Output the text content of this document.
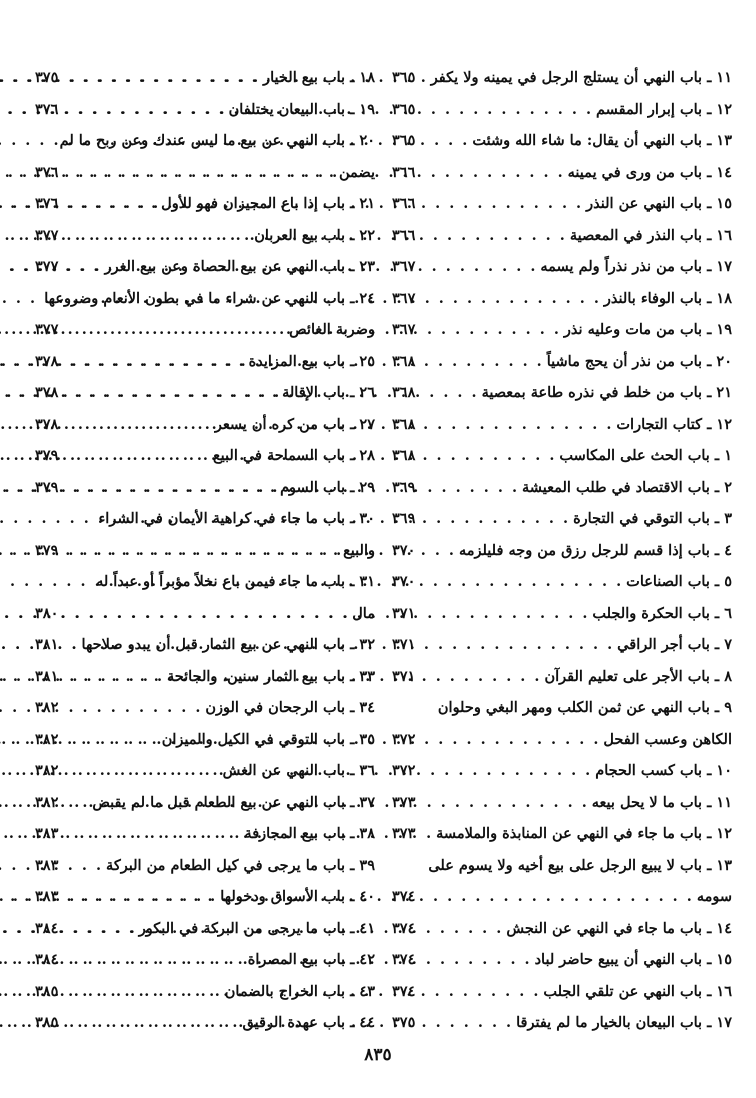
١١ ـ باب النهي أن يستلج الرجل في يمينه ولا يكفر
. . .
٣٦٥
١٢ ـ باب إبرار المقسم
. . .
٣٦٥
١٣ ـ باب النهي أن يقال: ما شاء الله وشئت
. . .
٣٦٥
١٤ ـ باب من ورى في يمينه
. . .
٣٦٦
١٥ ـ باب النهي عن النذر
. . .
٣٦٦
١٦ ـ باب النذر في المعصية
. . .
٣٦٦
١٧ ـ باب من نذر نذراً ولم يسمه
. . .
٣٦٧
١٨ ـ باب الوفاء بالنذر
. . .
٣٦٧
١٩ ـ باب من مات وعليه نذر
. . .
٣٦٧
٢٠ ـ باب من نذر أن يحج ماشياً
. . .
٣٦٨
٢١ ـ باب من خلط في نذره طاعة بمعصية
. . .
٣٦٨
١٢ ـ كتاب التجارات
. . .
٣٦٨
١ ـ باب الحث على المكاسب
. . .
٣٦٨
٢ ـ باب الاقتصاد في طلب المعيشة
. . .
٣٦٩
٣ ـ باب التوقي في التجارة
. . .
٣٦٩
٤ ـ باب إذا قسم للرجل رزق من وجه فليلزمه
. . .
٣٧٠
٥ ـ باب الصناعات
. . .
٣٧٠
٦ ـ باب الحكرة والجلب
. . .
٣٧١
٧ ـ باب أجر الراقي
. . .
٣٧١
٨ ـ باب الأجر على تعليم القرآن
. . .
٣٧١
٩ ـ باب النهي عن ثمن الكلب ومهر البغي وحلوان
الكاهن وعسب الفحل
. . .
٣٧٢
١٠ ـ باب كسب الحجام
. . .
٣٧٢
١١ ـ باب ما لا يحل بيعه
. . .
٣٧٣
١٢ ـ باب ما جاء في النهي عن المنابذة والملامسة
. . .
٣٧٣
١٣ ـ باب لا يبيع الرجل على بيع أخيه ولا يسوم على
سومه
. . .
٣٧٤
١٤ ـ باب ما جاء في النهي عن النجش
. . .
٣٧٤
١٥ ـ باب النهي أن يبيع حاضر لباد
. . .
٣٧٤
١٦ ـ باب النهي عن تلقي الجلب
. . .
٣٧٤
١٧ ـ باب البيعان بالخيار ما لم يفترقا
. . .
٣٧٥
١٨ ـ باب بيع الخيار
. . .
٣٧٥
١٩ ـ باب البيعان يختلفان
. . .
٣٧٦
٢٠ ـ باب النهي عن بيع ما ليس عندك وعن ربح ما لم
يضمن
. . .
٣٧٦
٢١ ـ باب إذا باع المجيزان فهو للأول
. . .
٣٧٦
٢٢ ـ باب بيع العربان
. . .
٣٧٧
٢٣ ـ باب النهي عن بيع الحصاة وعن بيع الغرر
. . .
٣٧٧
٢٤ ـ باب النهي عن شراء ما في بطون الأنعام وضروعها
وضربة الغائص
. . .
٣٧٧
٢٥ ـ باب بيع المزايدة
. . .
٣٧٨
٢٦ ـ باب الإقالة
. . .
٣٧٨
٢٧ ـ باب من كره أن يسعر
. . .
٣٧٨
٢٨ ـ باب السماحة في البيع
. . .
٣٧٩
٢٩ ـ باب السوم
. . .
٣٧٩
٣٠ ـ باب ما جاء في كراهية الأيمان في الشراء
والبيع
. . .
٣٧٩
٣١ ـ باب ما جاء فيمن باع نخلاً مؤبراً أو عبداً له
مال
. . .
٣٨٠
٣٢ ـ باب النهي عن بيع الثمار قبل أن يبدو صلاحها
. . .
٣٨١
٣٣ ـ باب بيع الثمار سنين، والجائحة
. . .
٣٨١
٣٤ ـ باب الرجحان في الوزن
. . .
٣٨٢
٣٥ ـ باب التوقي في الكيل والميزان
. . .
٣٨٢
٣٦ ـ باب النهي عن الغش
. . .
٣٨٢
٣٧ ـ باب النهي عن بيع الطعام قبل ما لم يقبض
. . .
٣٨٢
٣٨ ـ باب بيع المجازفة
. . .
٣٨٣
٣٩ ـ باب ما يرجى في كيل الطعام من البركة
. . .
٣٨٣
٤٠ ـ باب الأسواق ودخولها
. . .
٣٨٣
٤١ ـ باب ما يرجى من البركة في البكور
. . .
٣٨٤
٤٢ ـ باب بيع المصراة
. . .
٣٨٤
٤٣ ـ باب الخراج بالضمان
. . .
٣٨٥
٤٤ ـ باب عهدة الرقيق
. . .
٣٨٥
٨٣٥
